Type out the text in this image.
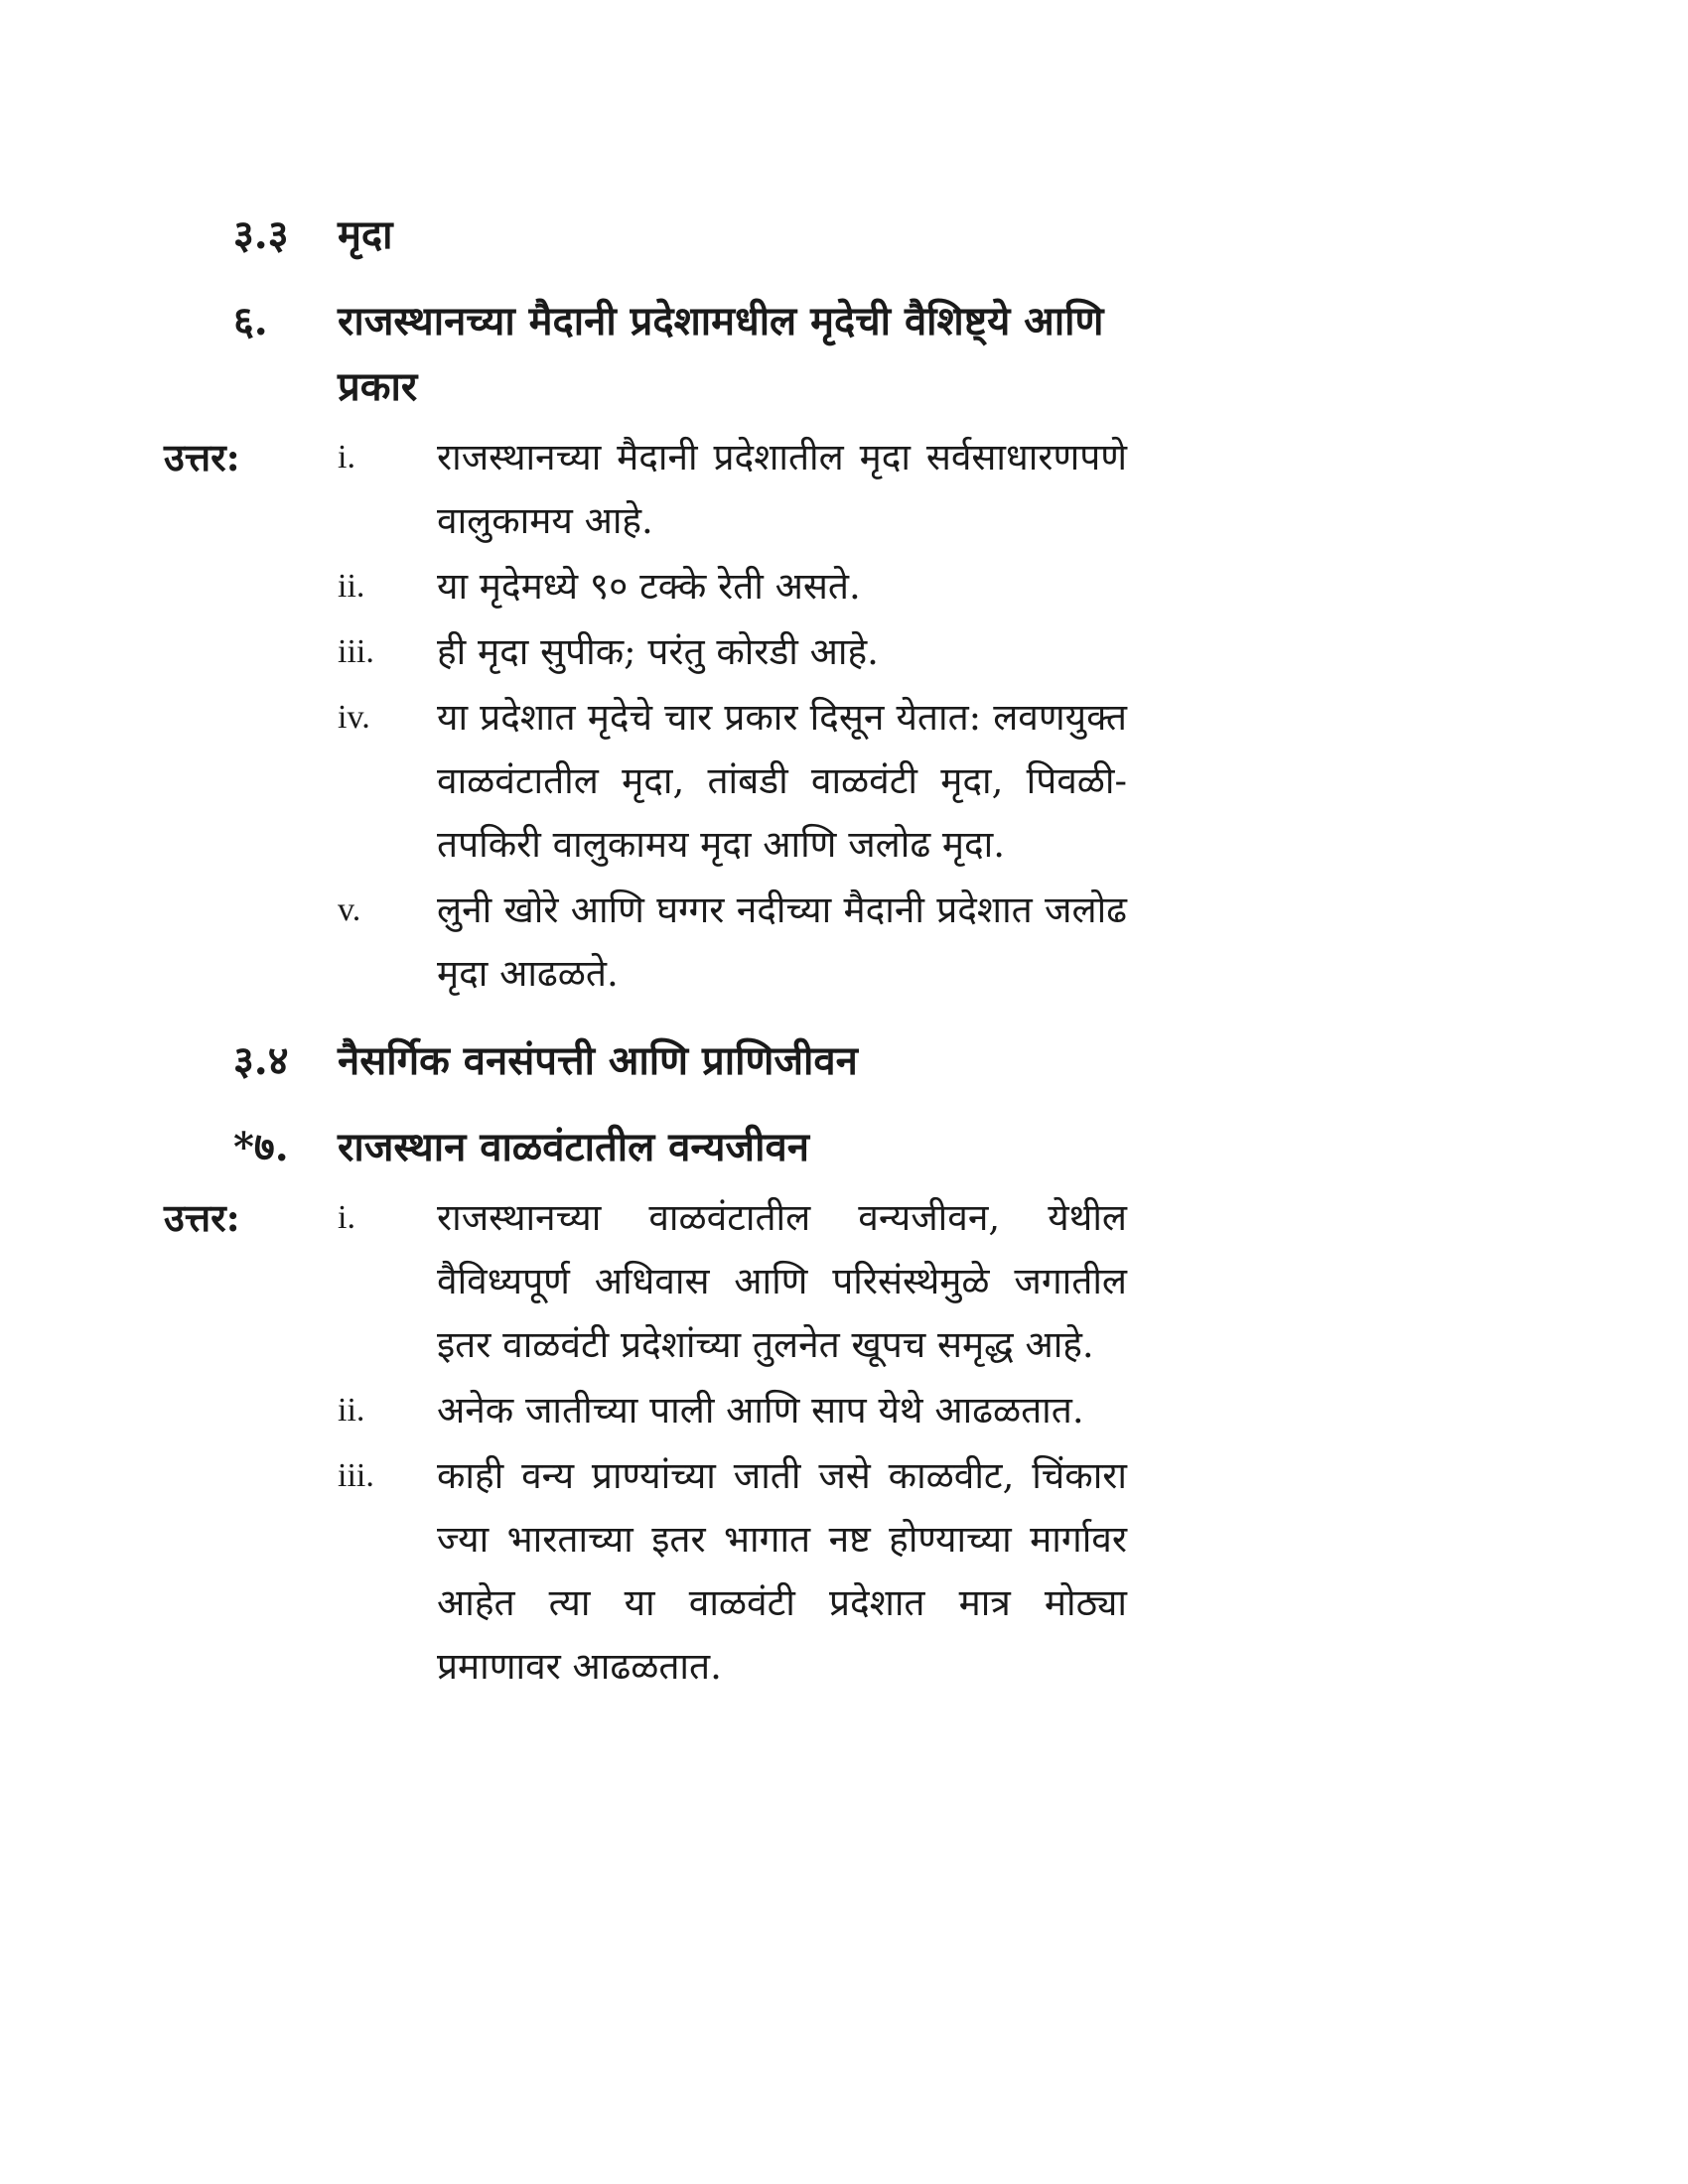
३.३	मृदा
६.	राजस्थानच्या मैदानी प्रदेशामधील मृदेची वैशिष्ट्ये आणि प्रकार
उत्तर:	i.	राजस्थानच्या मैदानी प्रदेशातील मृदा सर्वसाधारणपणे वालुकामय आहे.
ii.	या मृदेमध्ये ९० टक्के रेती असते.
iii.	ही मृदा सुपीक; परंतु कोरडी आहे.
iv.	या प्रदेशात मृदेचे चार प्रकार दिसून येतात: लवणयुक्त वाळवंटातील मृदा, तांबडी वाळवंटी मृदा, पिवळी-तपकिरी वालुकामय मृदा आणि जलोढ मृदा.
v.	लुनी खोरे आणि घग्गर नदीच्या मैदानी प्रदेशात जलोढ मृदा आढळते.
३.४	नैसर्गिक वनसंपत्ती आणि प्राणिजीवन
*७.	राजस्थान वाळवंटातील वन्यजीवन
उत्तर:	i.	राजस्थानच्या वाळवंटातील वन्यजीवन, येथील वैविध्यपूर्ण अधिवास आणि परिसंस्थेमुळे जगातील इतर वाळवंटी प्रदेशांच्या तुलनेत खूपच समृद्ध आहे.
ii.	अनेक जातीच्या पाली आणि साप येथे आढळतात.
iii.	काही वन्य प्राण्यांच्या जाती जसे काळवीट, चिंकारा ज्या भारताच्या इतर भागात नष्ट होण्याच्या मार्गावर आहेत त्या या वाळवंटी प्रदेशात मात्र मोठ्या प्रमाणावर आढळतात.
